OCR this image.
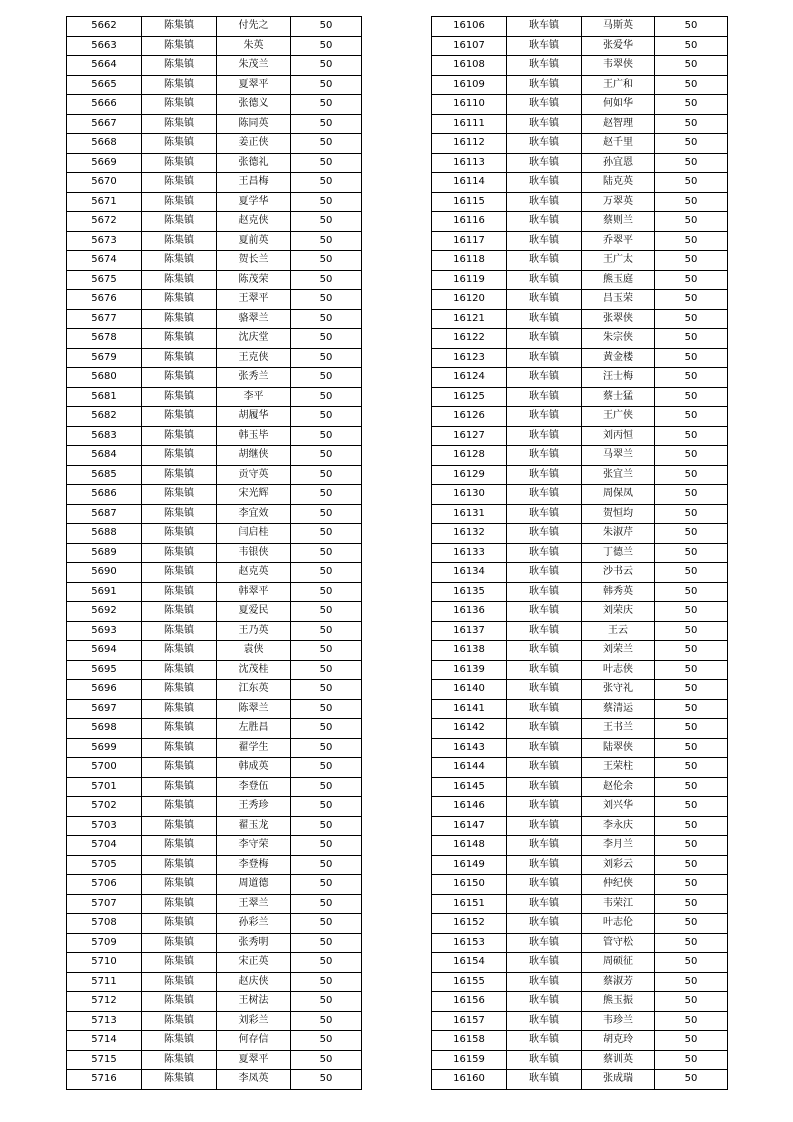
5662	陈集镇	付先之	50
5663	陈集镇	朱英	50
5664	陈集镇	朱茂兰	50
5665	陈集镇	夏翠平	50
5666	陈集镇	张德义	50
5667	陈集镇	陈同英	50
5668	陈集镇	姜正侠	50
5669	陈集镇	张德礼	50
5670	陈集镇	王昌梅	50
5671	陈集镇	夏学华	50
5672	陈集镇	赵克侠	50
5673	陈集镇	夏前英	50
5674	陈集镇	贺长兰	50
5675	陈集镇	陈茂荣	50
5676	陈集镇	王翠平	50
5677	陈集镇	骆翠兰	50
5678	陈集镇	沈庆堂	50
5679	陈集镇	王克侠	50
5680	陈集镇	张秀兰	50
5681	陈集镇	李平	50
5682	陈集镇	胡履华	50
5683	陈集镇	韩玉毕	50
5684	陈集镇	胡继侠	50
5685	陈集镇	贡守英	50
5686	陈集镇	宋光辉	50
5687	陈集镇	李宜效	50
5688	陈集镇	闫启桂	50
5689	陈集镇	韦银侠	50
5690	陈集镇	赵克英	50
5691	陈集镇	韩翠平	50
5692	陈集镇	夏爱民	50
5693	陈集镇	王乃英	50
5694	陈集镇	袁侠	50
5695	陈集镇	沈茂桂	50
5696	陈集镇	江东英	50
5697	陈集镇	陈翠兰	50
5698	陈集镇	左胜昌	50
5699	陈集镇	翟学生	50
5700	陈集镇	韩成英	50
5701	陈集镇	李登伍	50
5702	陈集镇	王秀珍	50
5703	陈集镇	翟玉龙	50
5704	陈集镇	李守荣	50
5705	陈集镇	李登梅	50
5706	陈集镇	周道德	50
5707	陈集镇	王翠兰	50
5708	陈集镇	孙彩兰	50
5709	陈集镇	张秀明	50
5710	陈集镇	宋正英	50
5711	陈集镇	赵庆侠	50
5712	陈集镇	王树法	50
5713	陈集镇	刘彩兰	50
5714	陈集镇	何存信	50
5715	陈集镇	夏翠平	50
5716	陈集镇	李凤英	50
16106	耿车镇	马斯英	50
16107	耿车镇	张爱华	50
16108	耿车镇	韦翠侠	50
16109	耿车镇	王广和	50
16110	耿车镇	何如华	50
16111	耿车镇	赵智理	50
16112	耿车镇	赵千里	50
16113	耿车镇	孙宜恩	50
16114	耿车镇	陆克英	50
16115	耿车镇	万翠英	50
16116	耿车镇	蔡则兰	50
16117	耿车镇	乔翠平	50
16118	耿车镇	王广太	50
16119	耿车镇	熊玉庭	50
16120	耿车镇	吕玉荣	50
16121	耿车镇	张翠侠	50
16122	耿车镇	朱宗侠	50
16123	耿车镇	黄金楼	50
16124	耿车镇	汪士梅	50
16125	耿车镇	蔡士猛	50
16126	耿车镇	王广侠	50
16127	耿车镇	刘丙恒	50
16128	耿车镇	马翠兰	50
16129	耿车镇	张宜兰	50
16130	耿车镇	周保凤	50
16131	耿车镇	贺恒均	50
16132	耿车镇	朱淑芹	50
16133	耿车镇	丁德兰	50
16134	耿车镇	沙书云	50
16135	耿车镇	韩秀英	50
16136	耿车镇	刘荣庆	50
16137	耿车镇	王云	50
16138	耿车镇	刘荣兰	50
16139	耿车镇	叶志侠	50
16140	耿车镇	张守礼	50
16141	耿车镇	蔡清运	50
16142	耿车镇	王书兰	50
16143	耿车镇	陆翠侠	50
16144	耿车镇	王荣柱	50
16145	耿车镇	赵伦余	50
16146	耿车镇	刘兴华	50
16147	耿车镇	李永庆	50
16148	耿车镇	李月兰	50
16149	耿车镇	刘彩云	50
16150	耿车镇	仲纪侠	50
16151	耿车镇	韦荣江	50
16152	耿车镇	叶志伦	50
16153	耿车镇	管守松	50
16154	耿车镇	周硕征	50
16155	耿车镇	蔡淑芳	50
16156	耿车镇	熊玉振	50
16157	耿车镇	韦珍兰	50
16158	耿车镇	胡克玲	50
16159	耿车镇	蔡训英	50
16160	耿车镇	张成瑞	50
